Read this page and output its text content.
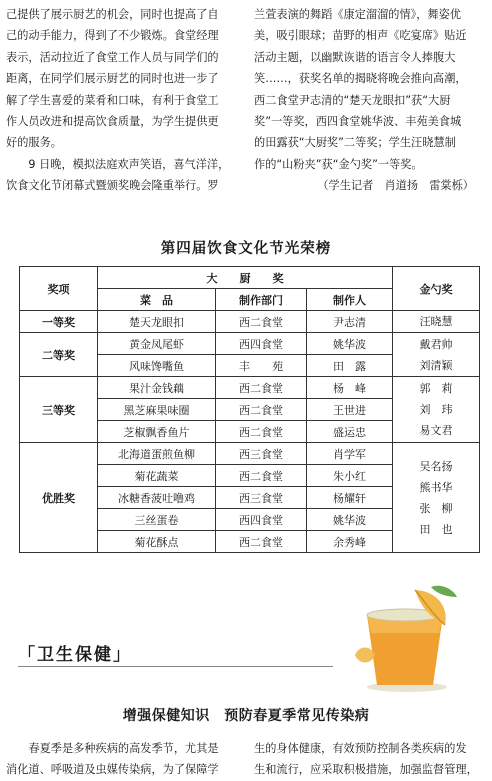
己提供了展示厨艺的机会，同时也提高了自

己的动手能力，得到了不少锻炼。食堂经理

表示，活动拉近了食堂工作人员与同学们的

距离，在同学们展示厨艺的同时也进一步了

解了学生喜爱的菜肴和口味，有利于食堂工

作人员改进和提高饮食质量，为学生提供更

好的服务。

9 日晚，模拟法庭欢声笑语，喜气洋洋，

饮食文化节闭幕式暨颁奖晚会隆重举行。罗

兰萱表演的舞蹈《康定溜溜的情》，舞姿优

美，吸引眼球；苗野的相声《吃宴席》贴近

活动主题，以幽默诙谐的语言令人捧腹大

笑……，获奖名单的揭晓将晚会推向高潮，

西二食堂尹志清的“楚天龙眼扣”获“大厨

奖”一等奖，西四食堂姚华波、丰苑美食城

的田露获“大厨奖”二等奖；学生汪晓慧制

作的“山粉夹”获“金勺奖”一等奖。

（学生记者　肖道扬　雷棠栎）

第四届饮食文化节光荣榜
奖项	大　　厨　　奖			金勺奖
	菜　品	制作部门	制作人	
一等奖	楚天龙眼扣	西二食堂	尹志清	汪晓慧

二等奖	黄金凤尾虾	西四食堂	姚华波	戴君帅
刘清颖

	风味馋嘴鱼	丰　　苑	田　露	
三等奖	果汁金钱藕	西二食堂	杨　峰	郭　莉
刘　玮
易文君

	黑芝麻果味圈	西二食堂	王世进	
	芝椒飘香鱼片	西二食堂	盛运忠	
优胜奖	北海道蛋煎鱼柳	西三食堂	肖学军	吴名扬
熊书华
张　柳
田　也

	菊花蔬菜	西二食堂	朱小红	
	冰糖香菠吐噜鸡	西三食堂	杨耀轩	
	三丝蛋卷	西四食堂	姚华波	
	菊花酥点	西二食堂	余秀峰	
「卫生保健」
增强保健知识　预防春夏季常见传染病

春夏季是多种疾病的高发季节，尤其是

消化道、呼吸道及虫媒传染病，为了保障学

生的身体健康，有效预防控制各类疾病的发

生和流行，应采取积极措施，加强监督管理，
